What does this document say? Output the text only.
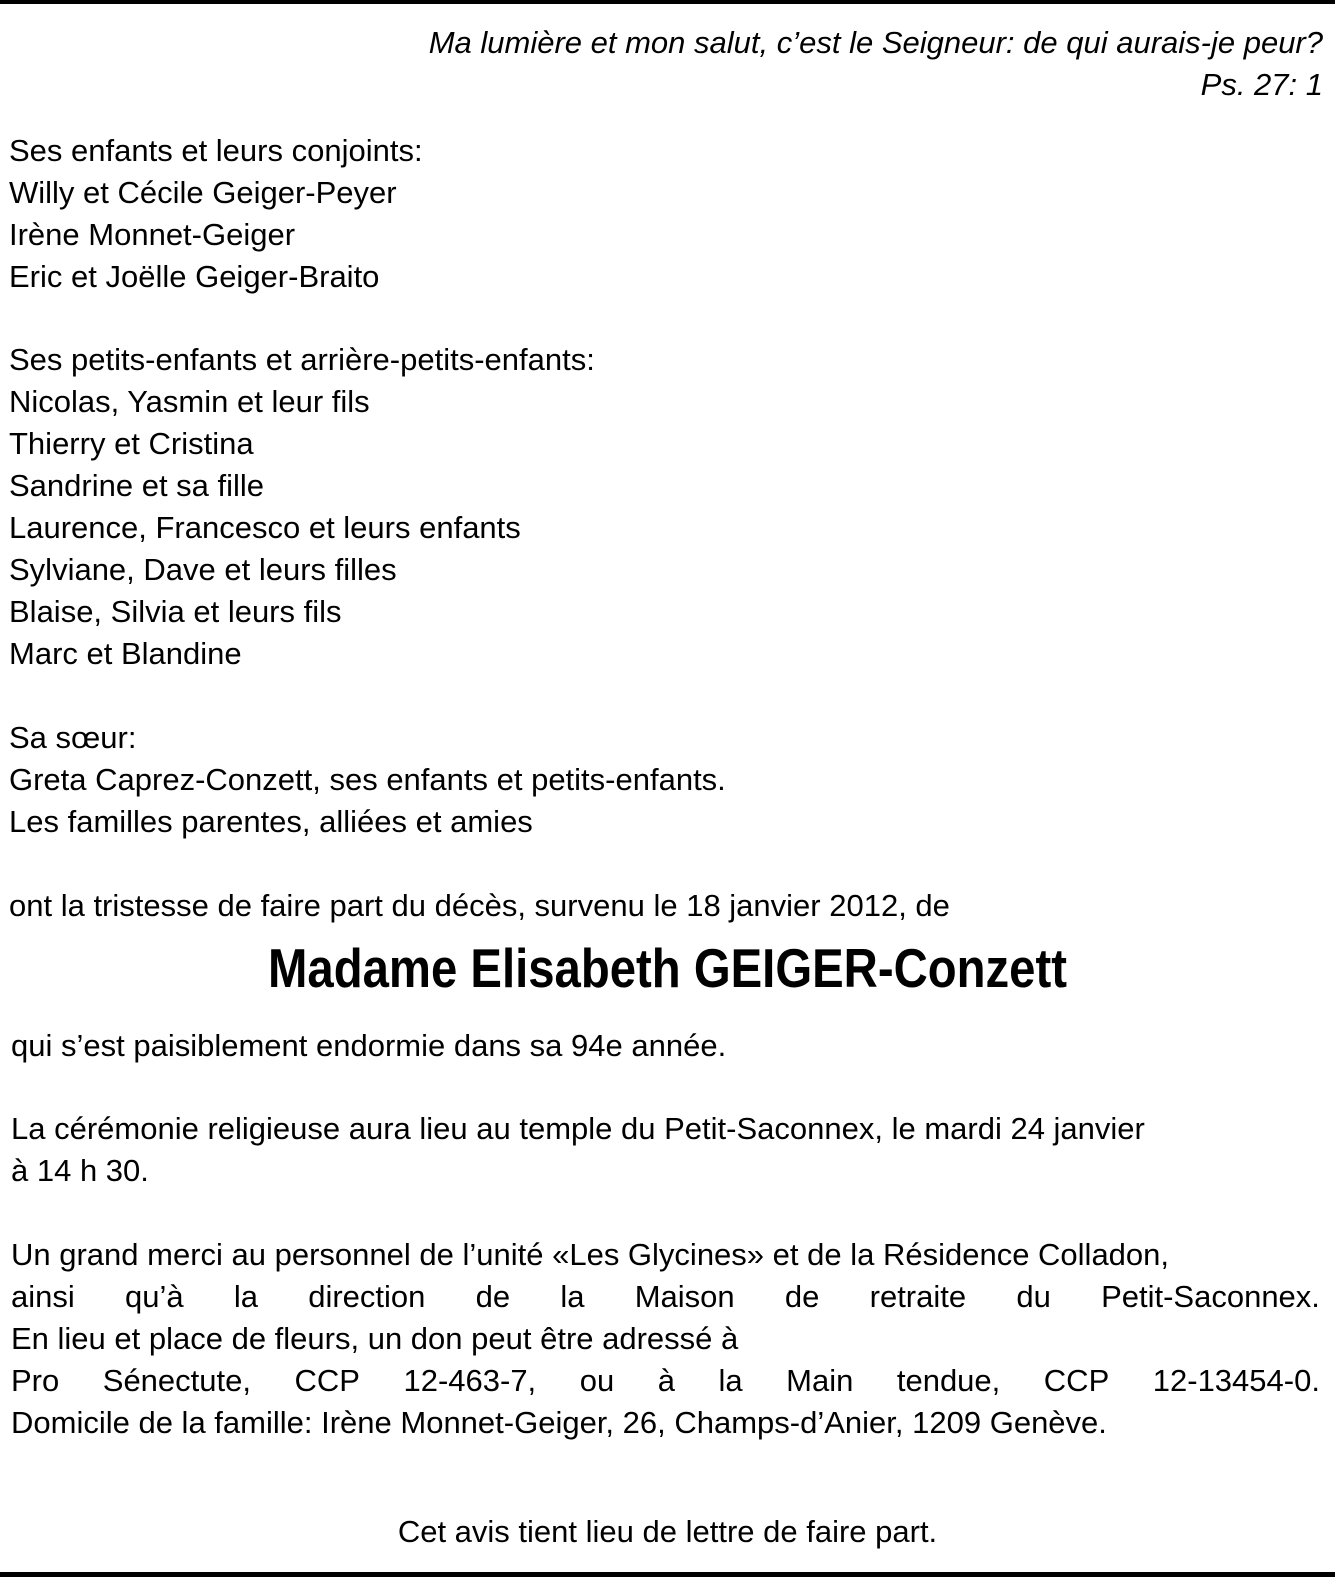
Ma lumière et mon salut, c’est le Seigneur: de qui aurais-je peur?
Ps. 27: 1
Ses enfants et leurs conjoints:
Willy et Cécile Geiger-Peyer
Irène Monnet-Geiger
Eric et Joëlle Geiger-Braito
Ses petits-enfants et arrière-petits-enfants:
Nicolas, Yasmin et leur fils
Thierry et Cristina
Sandrine et sa fille
Laurence, Francesco et leurs enfants
Sylviane, Dave et leurs filles
Blaise, Silvia et leurs fils
Marc et Blandine
Sa sœur:
Greta Caprez-Conzett, ses enfants et petits-enfants.
Les familles parentes, alliées et amies
ont la tristesse de faire part du décès, survenu le 18 janvier 2012, de
Madame Elisabeth GEIGER-Conzett
qui s’est paisiblement endormie dans sa 94e année.
La cérémonie religieuse aura lieu au temple du Petit-Saconnex, le mardi 24 janvier
à 14 h 30.
Un grand merci au personnel de l’unité «Les Glycines» et de la Résidence Colladon,
ainsi qu’à la direction de la Maison de retraite du Petit-Saconnex.
En lieu et place de fleurs, un don peut être adressé à
Pro Sénectute, CCP 12-463-7, ou à la Main tendue, CCP 12-13454-0.
Domicile de la famille: Irène Monnet-Geiger, 26, Champs-d’Anier, 1209 Genève.
Cet avis tient lieu de lettre de faire part.
